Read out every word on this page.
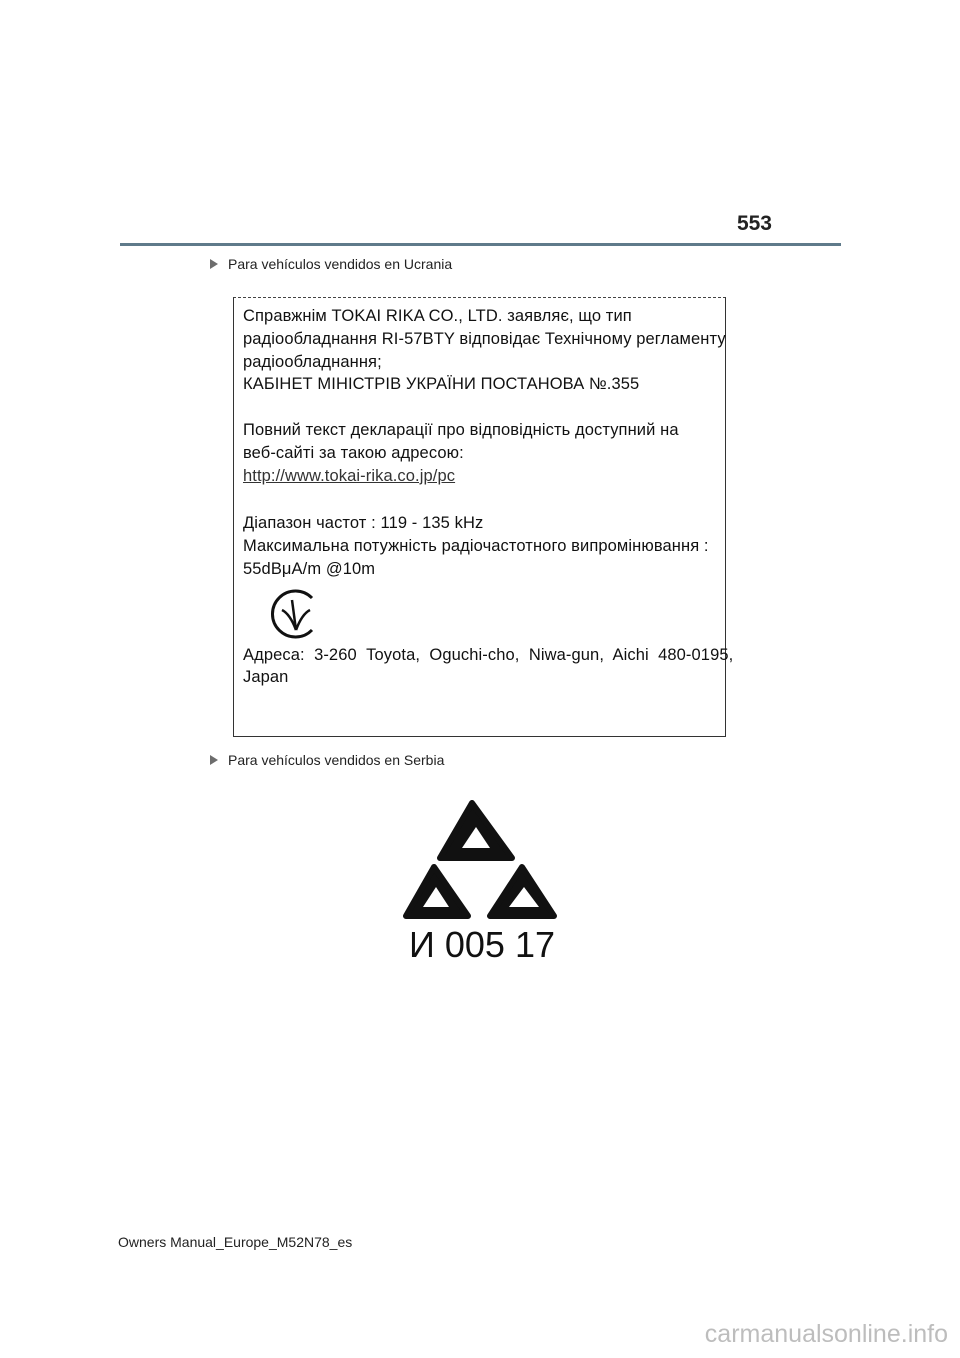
553
Para vehículos vendidos en Ucrania
Справжнім TOKAI RIKA CO., LTD. заявляє, що тип
радіообладнання RI-57BTY відповідає Технічному регламенту
радіообладнання;
КАБІНЕТ МІНІСТРІВ УКРАЇНИ ПОСТАНОВА №.355
Повний текст декларації про відповідність доступний на
веб-сайті за такою адресою:
http://www.tokai-rika.co.jp/pc
Діапазон частот : 119 - 135 kHz
Максимальна потужність радіочастотного випромінювання :
55dBμA/m @10m
Адреса:  3-260  Toyota,  Oguchi-cho,  Niwa-gun,  Aichi  480-0195,
Japan
Para vehículos vendidos en Serbia
И 005 17
Owners Manual_Europe_M52N78_es
carmanualsonline.info
